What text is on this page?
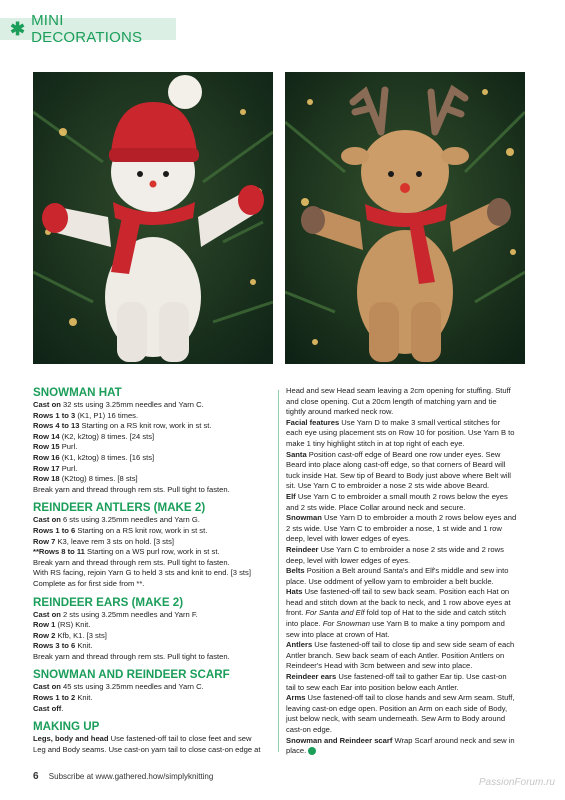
✱ MINI DECORATIONS
SNOWMAN HAT
Cast on 32 sts using 3.25mm needles and Yarn C.
Rows 1 to 3 (K1, P1) 16 times.
Rows 4 to 13 Starting on a RS knit row, work in st st.
Row 14 (K2, k2tog) 8 times. [24 sts]
Row 15 Purl.
Row 16 (K1, k2tog) 8 times. [16 sts]
Row 17 Purl.
Row 18 (K2tog) 8 times. [8 sts]
Break yarn and thread through rem sts. Pull tight to fasten.
REINDEER ANTLERS (MAKE 2)
Cast on 6 sts using 3.25mm needles and Yarn G.
Rows 1 to 6 Starting on a RS knit row, work in st st.
Row 7 K3, leave rem 3 sts on hold. [3 sts]
**Rows 8 to 11 Starting on a WS purl row, work in st st.
Break yarn and thread through rem sts. Pull tight to fasten.
With RS facing, rejoin Yarn G to held 3 sts and knit to end. [3 sts]
Complete as for first side from **.
REINDEER EARS (MAKE 2)
Cast on 2 sts using 3.25mm needles and Yarn F.
Row 1 (RS) Knit.
Row 2 Kfb, K1. [3 sts]
Rows 3 to 6 Knit.
Break yarn and thread through rem sts. Pull tight to fasten.
SNOWMAN AND REINDEER SCARF
Cast on 45 sts using 3.25mm needles and Yarn C.
Rows 1 to 2 Knit.
Cast off.
MAKING UP
Legs, body and head Use fastened-off tail to close feet and sew
Leg and Body seams. Use cast-on yarn tail to close cast-on edge at
Head and sew Head seam leaving a 2cm opening for stuffing. Stuff
and close opening. Cut a 20cm length of matching yarn and tie
tightly around marked neck row.
Facial features Use Yarn D to make 3 small vertical stitches for
each eye using placement sts on Row 10 for position. Use Yarn B to
make 1 tiny highlight stitch in at top right of each eye.
Santa Position cast-off edge of Beard one row under eyes. Sew
Beard into place along cast-off edge, so that corners of Beard will
tuck inside Hat. Sew tip of Beard to Body just above where Belt will
sit. Use Yarn C to embroider a nose 2 sts wide above Beard.
Elf Use Yarn C to embroider a small mouth 2 rows below the eyes
and 2 sts wide. Place Collar around neck and secure.
Snowman Use Yarn D to embroider a mouth 2 rows below eyes and
2 sts wide. Use Yarn C to embroider a nose, 1 st wide and 1 row
deep, level with lower edges of eyes.
Reindeer Use Yarn C to embroider a nose 2 sts wide and 2 rows
deep, level with lower edges of eyes.
Belts Position a Belt around Santa's and Elf's middle and sew into
place. Use oddment of yellow yarn to embroider a belt buckle.
Hats Use fastened-off tail to sew back seam. Position each Hat on
head and stitch down at the back to neck, and 1 row above eyes at
front. For Santa and Elf fold top of Hat to the side and catch stitch
into place. For Snowman use Yarn B to make a tiny pompom and
sew into place at crown of Hat.
Antlers Use fastened-off tail to close tip and sew side seam of each
Antler branch. Sew back seam of each Antler. Position Antlers on
Reindeer's Head with 3cm between and sew into place.
Reindeer ears Use fastened-off tail to gather Ear tip. Use cast-on
tail to sew each Ear into position below each Antler.
Arms Use fastened-off tail to close hands and sew Arm seam. Stuff,
leaving cast-on edge open. Position an Arm on each side of Body,
just below neck, with seam underneath. Sew Arm to Body around
cast-on edge.
Snowman and Reindeer scarf Wrap Scarf around neck and sew in
place.
6 Subscribe at www.gathered.how/simplyknitting
PassionForum.ru
